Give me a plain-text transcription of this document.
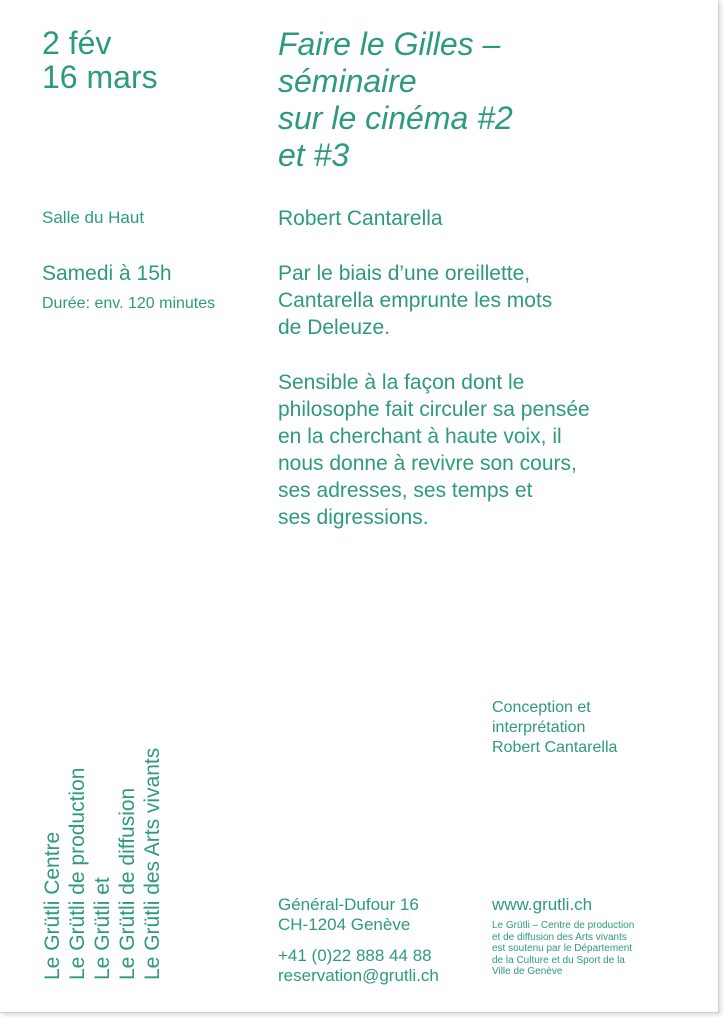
2 fév
16 mars
Faire le Gilles –
séminaire
sur le cinéma #2
et #3
Salle du Haut	Robert Cantarella
Samedi à 15h
Durée: env. 120 minutes

Par le biais d’une oreillette,
Cantarella emprunte les mots
de Deleuze.

Sensible à la façon dont le
philosophe fait circuler sa pensée
en la cherchant à haute voix, il
nous donne à revivre son cours,
ses adresses, ses temps et
ses digressions.

Conception et
interprétation
Robert Cantarella
Le Grütli Centre Le Grütli de production Le Grütli et Le Grütli de diffusion Le Grütli des Arts vivants	Général-Dufour 16
CH-1204 Genève
+41 (0)22 888 44 88
reservation@grutli.ch
www.grutli.ch
Le Grütli – Centre de production
et de diffusion des Arts vivants
est soutenu par le Département
de la Culture et du Sport de la
Ville de Genève
